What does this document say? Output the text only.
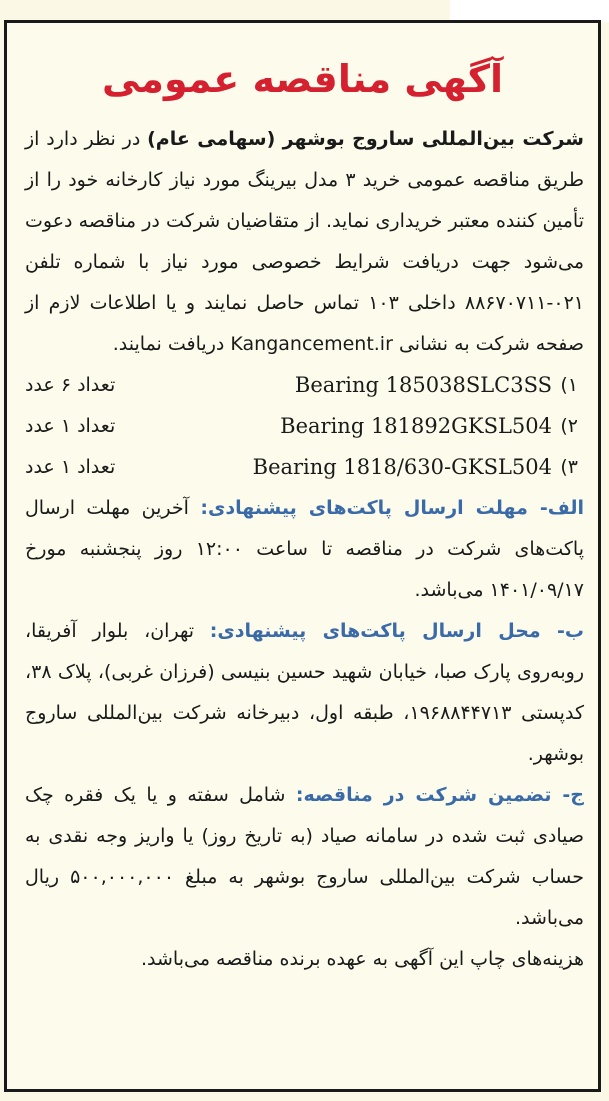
آگهی مناقصه عمومی

شرکت بین‌المللی ساروج بوشهر (سهامی عام) در نظر دارد از طریق مناقصه عمومی خرید ۳ مدل بیرینگ مورد نیاز کارخانه خود را از تأمین کننده معتبر خریداری نماید. از متقاضیان شرکت در مناقصه دعوت می‌شود جهت دریافت شرایط خصوصی مورد نیاز با شماره تلفن ۰۲۱-۸۸۶۷۰۷۱۱ داخلی ۱۰۳ تماس حاصل نمایند و یا اطلاعات لازم از صفحه شرکت به نشانی Kangancement.ir دریافت نمایند.

۱)
Bearing 185038SLC3SS
تعداد ۶ عدد
۲)
Bearing 181892GKSL504
تعداد ۱ عدد
۳)
Bearing 1818/630-GKSL504
تعداد ۱ عدد

الف- مهلت ارسال پاکت‌های پیشنهادی: آخرین مهلت ارسال پاکت‌های شرکت در مناقصه تا ساعت ۱۲:۰۰ روز پنجشنبه مورخ ۱۴۰۱/۰۹/۱۷ می‌باشد.

ب- محل ارسال پاکت‌های پیشنهادی: تهران، بلوار آفریقا، روبه‌روی پارک صبا، خیابان شهید حسین بنیسی (فرزان غربی)، پلاک ۳۸، کدپستی ۱۹۶۸۸۴۴۷۱۳، طبقه اول، دبیرخانه شرکت بین‌المللی ساروج بوشهر.

ج- تضمین شرکت در مناقصه: شامل سفته و یا یک فقره چک صیادی ثبت شده در سامانه صیاد (به تاریخ روز) یا واریز وجه نقدی به حساب شرکت بین‌المللی ساروج بوشهر به مبلغ ۵۰۰,۰۰۰,۰۰۰ ریال می‌باشد.

هزینه‌های چاپ این آگهی به عهده برنده مناقصه می‌باشد.
